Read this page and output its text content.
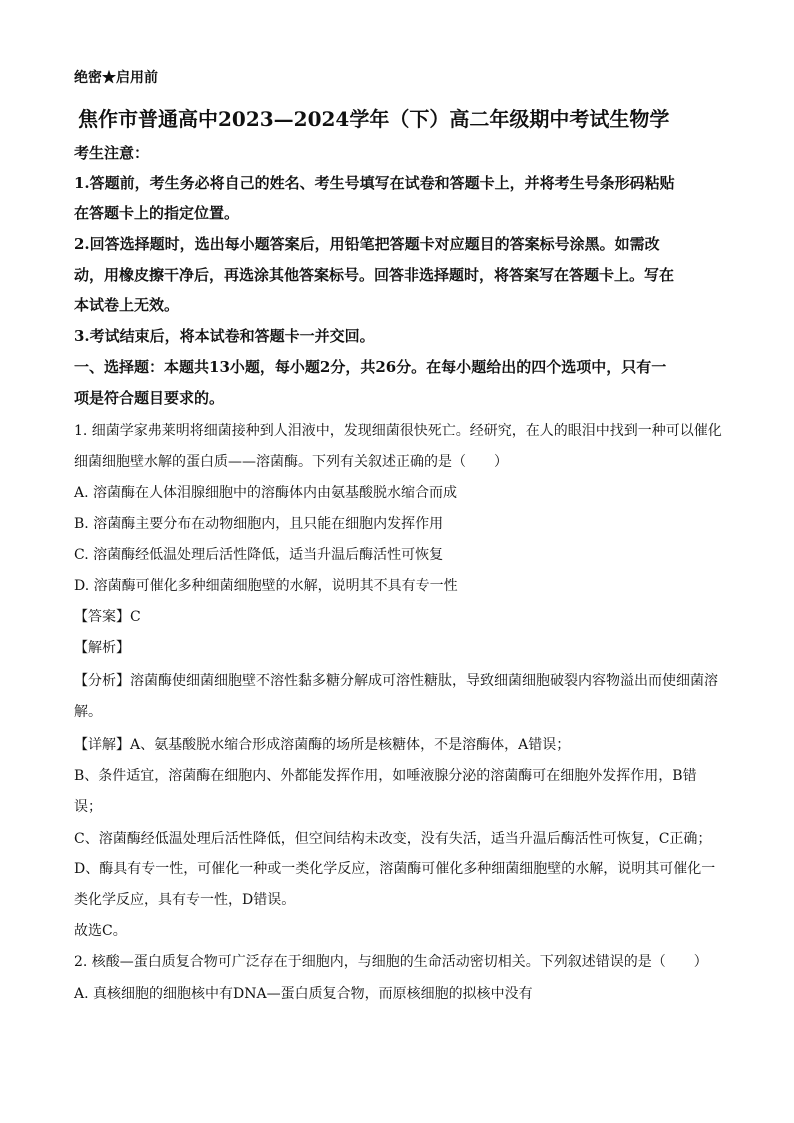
绝密★启用前
焦作市普通高中2023—2024学年（下）高二年级期中考试生物学
考生注意：
1.答题前，考生务必将自己的姓名、考生号填写在试卷和答题卡上，并将考生号条形码粘贴
在答题卡上的指定位置。
2.回答选择题时，选出每小题答案后，用铅笔把答题卡对应题目的答案标号涂黑。如需改
动，用橡皮擦干净后，再选涂其他答案标号。回答非选择题时，将答案写在答题卡上。写在
本试卷上无效。
3.考试结束后，将本试卷和答题卡一并交回。
一、选择题：本题共13小题，每小题2分，共26分。在每小题给出的四个选项中，只有一
项是符合题目要求的。
1. 细菌学家弗莱明将细菌接种到人泪液中，发现细菌很快死亡。经研究，在人的眼泪中找到一种可以催化
细菌细胞壁水解的蛋白质——溶菌酶。下列有关叙述正确的是（　　）
A. 溶菌酶在人体泪腺细胞中的溶酶体内由氨基酸脱水缩合而成
B. 溶菌酶主要分布在动物细胞内，且只能在细胞内发挥作用
C. 溶菌酶经低温处理后活性降低，适当升温后酶活性可恢复
D. 溶菌酶可催化多种细菌细胞壁的水解，说明其不具有专一性
【答案】C
【解析】
【分析】溶菌酶使细菌细胞壁不溶性黏多糖分解成可溶性糖肽，导致细菌细胞破裂内容物溢出而使细菌溶
解。
【详解】A、氨基酸脱水缩合形成溶菌酶的场所是核糖体，不是溶酶体，A错误；
B、条件适宜，溶菌酶在细胞内、外都能发挥作用，如唾液腺分泌的溶菌酶可在细胞外发挥作用，B错
误；
C、溶菌酶经低温处理后活性降低，但空间结构未改变，没有失活，适当升温后酶活性可恢复，C正确；
D、酶具有专一性，可催化一种或一类化学反应，溶菌酶可催化多种细菌细胞壁的水解，说明其可催化一
类化学反应，具有专一性，D错误。
故选C。
2. 核酸—蛋白质复合物可广泛存在于细胞内，与细胞的生命活动密切相关。下列叙述错误的是（　　）
A. 真核细胞的细胞核中有DNA—蛋白质复合物，而原核细胞的拟核中没有
